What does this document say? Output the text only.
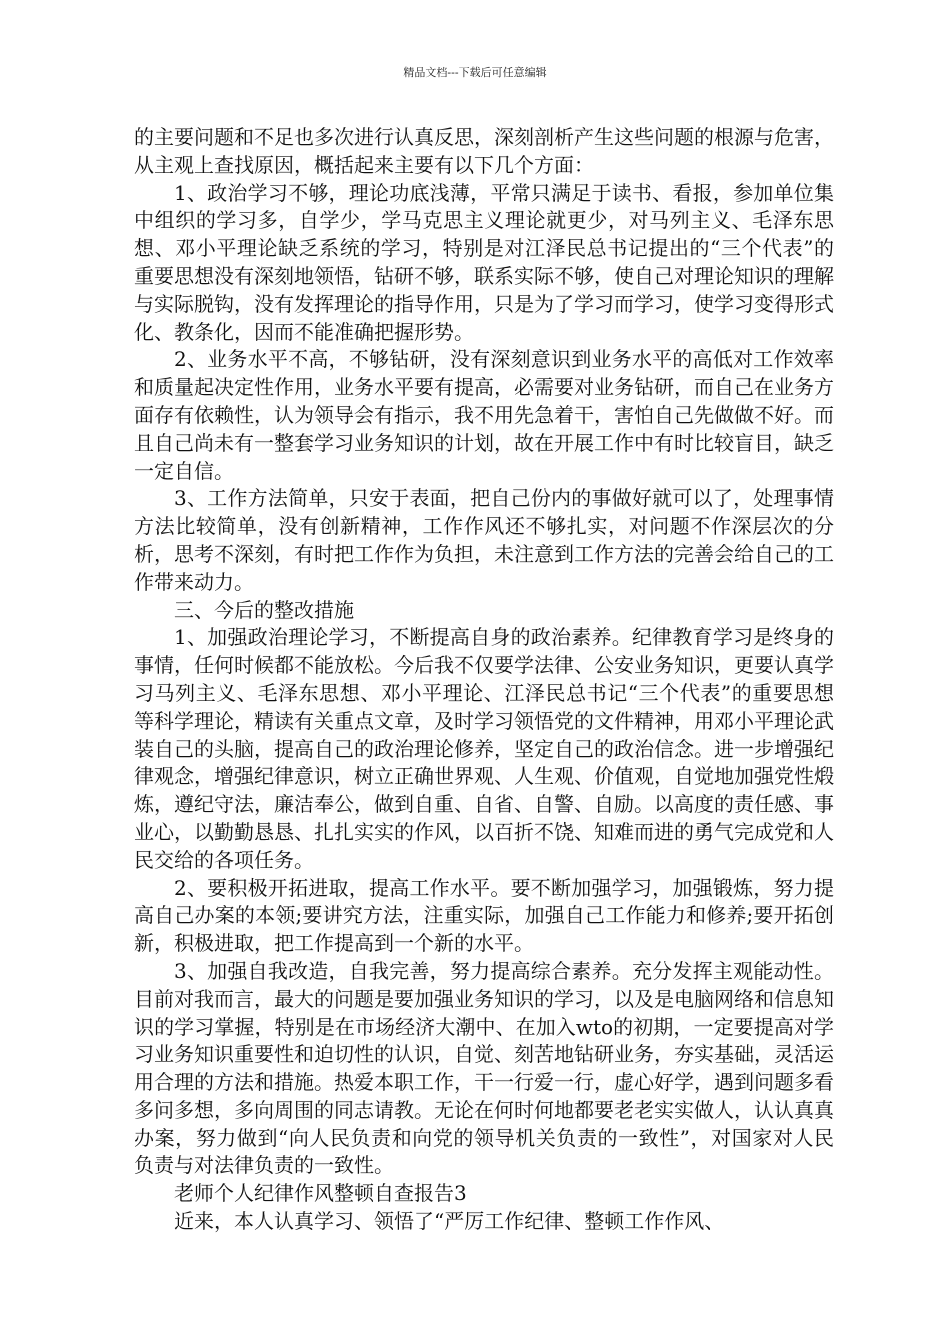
精品文档---下载后可任意编辑

的主要问题和不足也多次进行认真反思，深刻剖析产生这些问题的根源与危害，从主观上查找原因，概括起来主要有以下几个方面：

1、政治学习不够，理论功底浅薄，平常只满足于读书、看报，参加单位集中组织的学习多，自学少，学马克思主义理论就更少，对马列主义、毛泽东思想、邓小平理论缺乏系统的学习，特别是对江泽民总书记提出的“三个代表”的重要思想没有深刻地领悟，钻研不够，联系实际不够，使自己对理论知识的理解与实际脱钩，没有发挥理论的指导作用，只是为了学习而学习，使学习变得形式化、教条化，因而不能准确把握形势。

2、业务水平不高，不够钻研，没有深刻意识到业务水平的高低对工作效率和质量起决定性作用，业务水平要有提高，必需要对业务钻研，而自己在业务方面存有依赖性，认为领导会有指示，我不用先急着干，害怕自己先做做不好。而且自己尚未有一整套学习业务知识的计划，故在开展工作中有时比较盲目，缺乏一定自信。

3、工作方法简单，只安于表面，把自己份内的事做好就可以了，处理事情方法比较简单，没有创新精神，工作作风还不够扎实，对问题不作深层次的分析，思考不深刻，有时把工作作为负担，未注意到工作方法的完善会给自己的工作带来动力。

三、今后的整改措施

1、加强政治理论学习，不断提高自身的政治素养。纪律教育学习是终身的事情，任何时候都不能放松。今后我不仅要学法律、公安业务知识，更要认真学习马列主义、毛泽东思想、邓小平理论、江泽民总书记“三个代表”的重要思想等科学理论，精读有关重点文章，及时学习领悟党的文件精神，用邓小平理论武装自己的头脑，提高自己的政治理论修养，坚定自己的政治信念。进一步增强纪律观念，增强纪律意识，树立正确世界观、人生观、价值观，自觉地加强党性煅炼，遵纪守法，廉洁奉公，做到自重、自省、自警、自励。以高度的责任感、事业心，以勤勤恳恳、扎扎实实的作风，以百折不饶、知难而进的勇气完成党和人民交给的各项任务。

2、要积极开拓进取，提高工作水平。要不断加强学习，加强锻炼，努力提高自己办案的本领;要讲究方法，注重实际，加强自己工作能力和修养;要开拓创新，积极进取，把工作提高到一个新的水平。

3、加强自我改造，自我完善，努力提高综合素养。充分发挥主观能动性。目前对我而言，最大的问题是要加强业务知识的学习，以及是电脑网络和信息知识的学习掌握，特别是在市场经济大潮中、在加入wto的初期，一定要提高对学习业务知识重要性和迫切性的认识，自觉、刻苦地钻研业务，夯实基础，灵活运用合理的方法和措施。热爱本职工作，干一行爱一行，虚心好学，遇到问题多看多问多想，多向周围的同志请教。无论在何时何地都要老老实实做人，认认真真办案，努力做到“向人民负责和向党的领导机关负责的一致性”，对国家对人民负责与对法律负责的一致性。

老师个人纪律作风整顿自查报告3

近来，本人认真学习、领悟了“严厉工作纪律、整顿工作作风、
